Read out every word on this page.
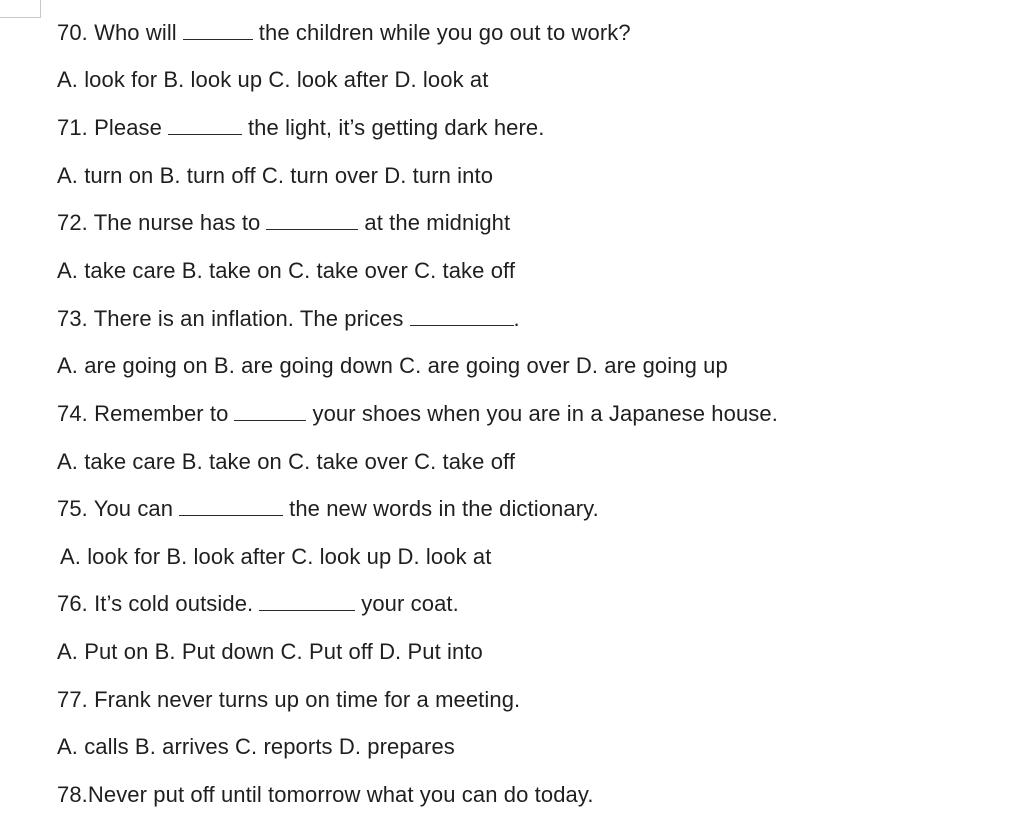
70. Who will	the children while you go out to work?
A. look for B. look up C. look after D. look at
71. Please	the light, it’s getting dark here.
A. turn on B. turn off C. turn over D. turn into
72. The nurse has to	at the midnight
A. take care B. take on C. take over C. take off
73. There is an inflation. The prices	.
A. are going on B. are going down C. are going over D. are going up
74. Remember to	your shoes when you are in a Japanese house.
A. take care B. take on C. take over C. take off
75. You can	the new words in the dictionary.
A. look for B. look after C. look up D. look at
76. It’s cold outside.	your coat.
A. Put on B. Put down C. Put off D. Put into
77. Frank never turns up on time for a meeting.
A. calls B. arrives C. reports D. prepares
78.Never put off until tomorrow what you can do today.
